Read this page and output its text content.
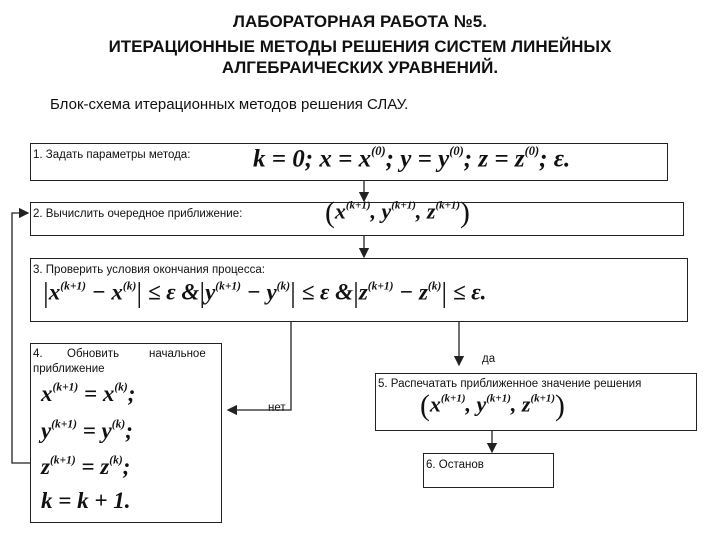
ЛАБОРАТОРНАЯ РАБОТА №5.
ИТЕРАЦИОННЫЕ МЕТОДЫ РЕШЕНИЯ СИСТЕМ ЛИНЕЙНЫХ
АЛГЕБРАИЧЕСКИХ УРАВНЕНИЙ.
Блок-схема итерационных методов решения СЛАУ.
1. Задать параметры метода:	k = 0; $x = x^{(0)}$; $y = y^{(0)}$; $z = z^{(0)}$; ε.
2. Вычислить очередное приближение:	($x^{(k+1)}$, $y^{(k+1)}$, $z^{(k+1)}$)
3. Проверить условия окончания процесса:
$|x^{(k+1)} - x^{(k)}| \le \varepsilon$ $\&|y^{(k+1)} - y^{(k)}| \le \varepsilon$ $\&|z^{(k+1)} - z^{(k)}| \le \varepsilon$.
4. Обновить	начальное
приближение
$x^{(k+1)} = x^{(k)}$;
$y^{(k+1)} = y^{(k)}$;
$z^{(k+1)} = z^{(k)}$;
k = k + 1.
5. Распечатать приближенное значение решения
($x^{(k+1)}$, $y^{(k+1)}$, $z^{(k+1)}$)
6. Останов
да
нет
